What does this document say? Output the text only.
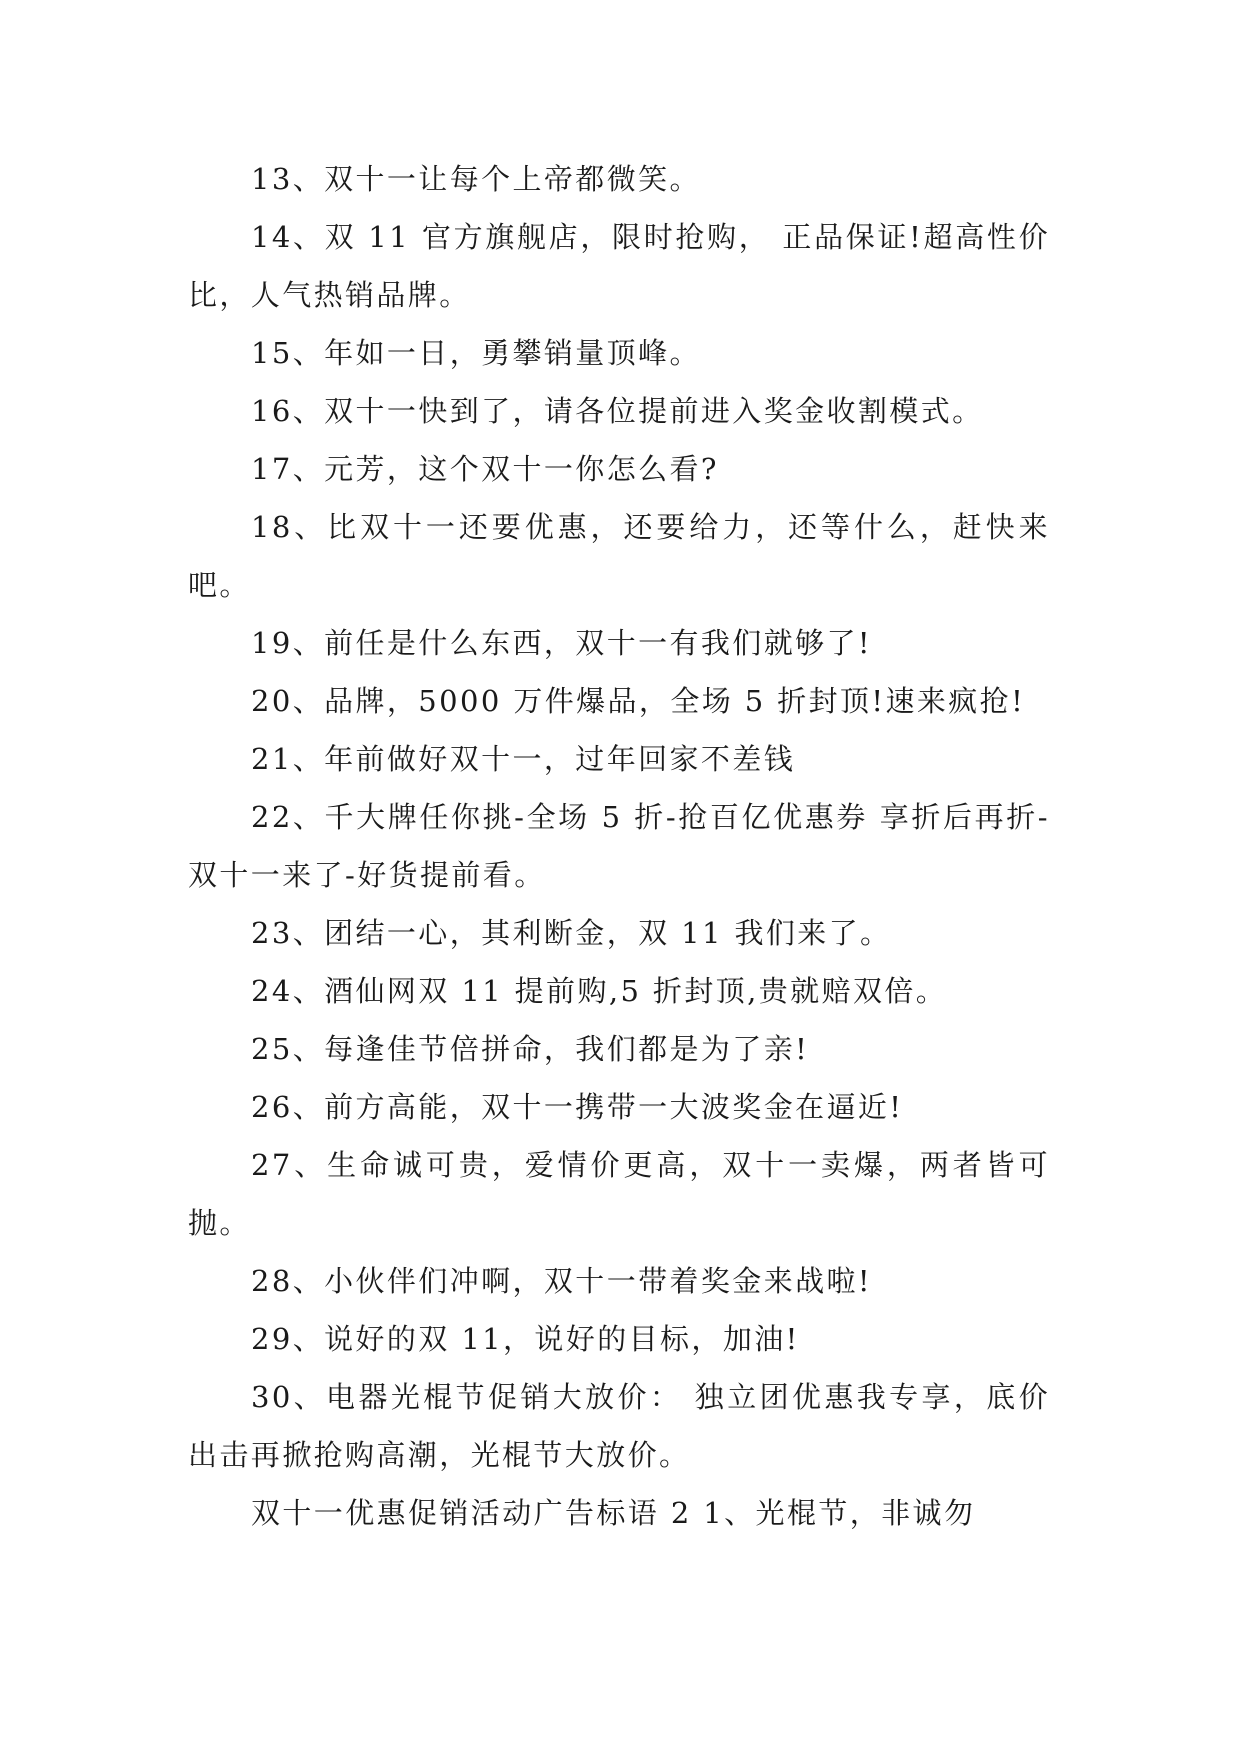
13、双十一让每个上帝都微笑。

14、双 11 官方旗舰店，限时抢购， 正品保证!超高性价比，人气热销品牌。

15、年如一日，勇攀销量顶峰。

16、双十一快到了，请各位提前进入奖金收割模式。

17、元芳，这个双十一你怎么看?

18、比双十一还要优惠，还要给力，还等什么，赶快来吧。

19、前任是什么东西，双十一有我们就够了!

20、品牌，5000 万件爆品，全场 5 折封顶!速来疯抢!

21、年前做好双十一，过年回家不差钱

22、千大牌任你挑-全场 5 折-抢百亿优惠券 享折后再折-双十一来了-好货提前看。

23、团结一心，其利断金，双 11 我们来了。

24、酒仙网双 11 提前购,5 折封顶,贵就赔双倍。

25、每逢佳节倍拼命，我们都是为了亲!

26、前方高能，双十一携带一大波奖金在逼近!

27、生命诚可贵，爱情价更高，双十一卖爆，两者皆可抛。

28、小伙伴们冲啊，双十一带着奖金来战啦!

29、说好的双 11，说好的目标，加油!

30、电器光棍节促销大放价： 独立团优惠我专享，底价出击再掀抢购高潮，光棍节大放价。

双十一优惠促销活动广告标语 2 1、光棍节，非诚勿
